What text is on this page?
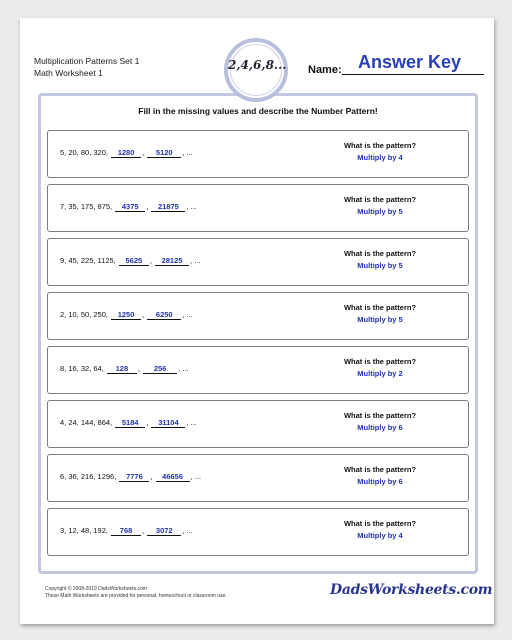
Multiplication Patterns Set 1
Math Worksheet 1
2,4,6,8... Name: Answer Key
Fill in the missing values and describe the Number Pattern!
5, 20, 80, 320, 1280 , 5120 , ...
What is the pattern?
Multiply by 4
7, 35, 175, 875, 4375 , 21875 , ...
What is the pattern?
Multiply by 5
9, 45, 225, 1125, 5625 , 28125 , ...
What is the pattern?
Multiply by 5
2, 10, 50, 250, 1250 , 6250 , ...
What is the pattern?
Multiply by 5
8, 16, 32, 64, 128 , 256 , ...
What is the pattern?
Multiply by 2
4, 24, 144, 864, 5184 , 31104 , ...
What is the pattern?
Multiply by 6
6, 36, 216, 1296, 7776 , 46656 , ...
What is the pattern?
Multiply by 6
3, 12, 48, 192, 768 , 3072 , ...
What is the pattern?
Multiply by 4
Copyright © 2008-2019 DadsWorksheets.com
These Math Worksheets are provided for personal, homeschool or classroom use.	DadsWorksheets.com
